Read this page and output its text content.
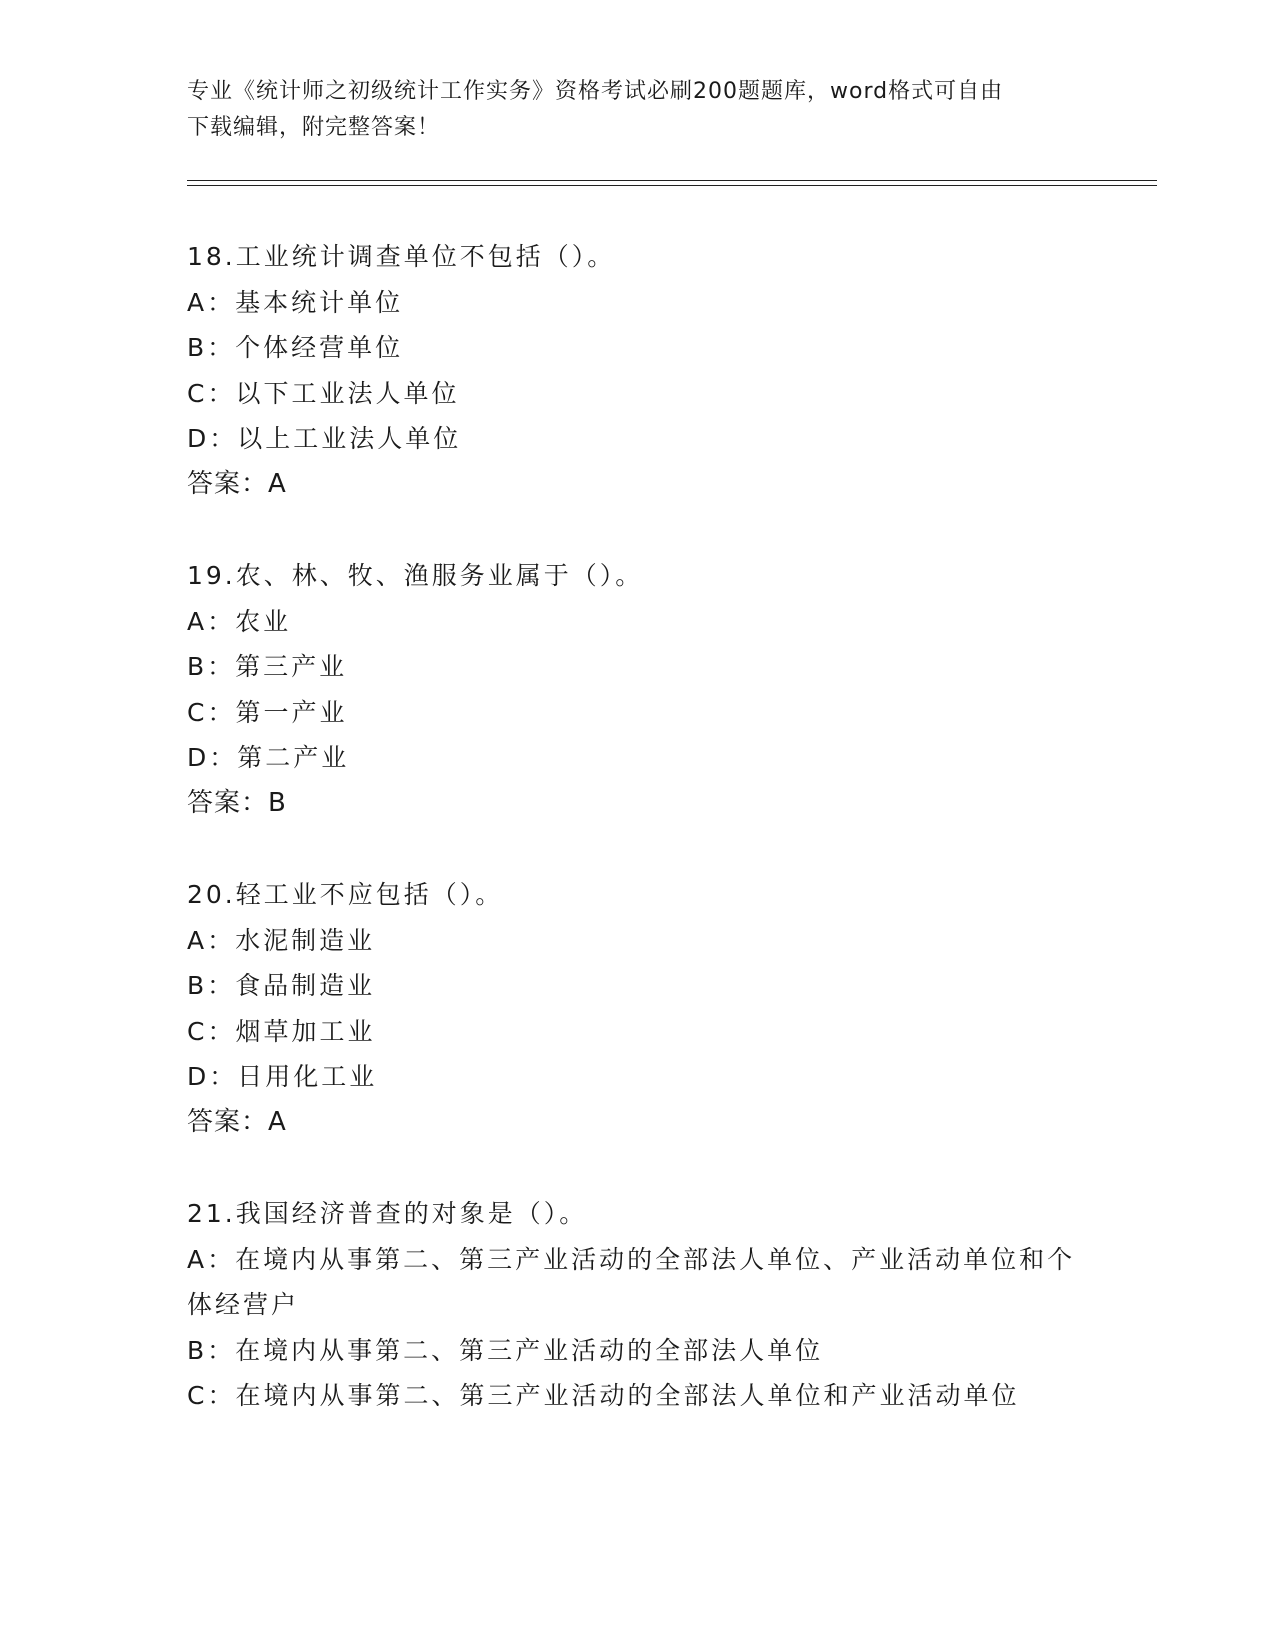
专业《统计师之初级统计工作实务》资格考试必刷200题题库，word格式可自由
下载编辑，附完整答案！
18.工业统计调查单位不包括（）。
A：基本统计单位
B：个体经营单位
C：以下工业法人单位
D：以上工业法人单位
答案：A
19.农、林、牧、渔服务业属于（）。
A：农业
B：第三产业
C：第一产业
D：第二产业
答案：B
20.轻工业不应包括（）。
A：水泥制造业
B：食品制造业
C：烟草加工业
D：日用化工业
答案：A
21.我国经济普查的对象是（）。
A：在境内从事第二、第三产业活动的全部法人单位、产业活动单位和个体经营户
B：在境内从事第二、第三产业活动的全部法人单位
C：在境内从事第二、第三产业活动的全部法人单位和产业活动单位
